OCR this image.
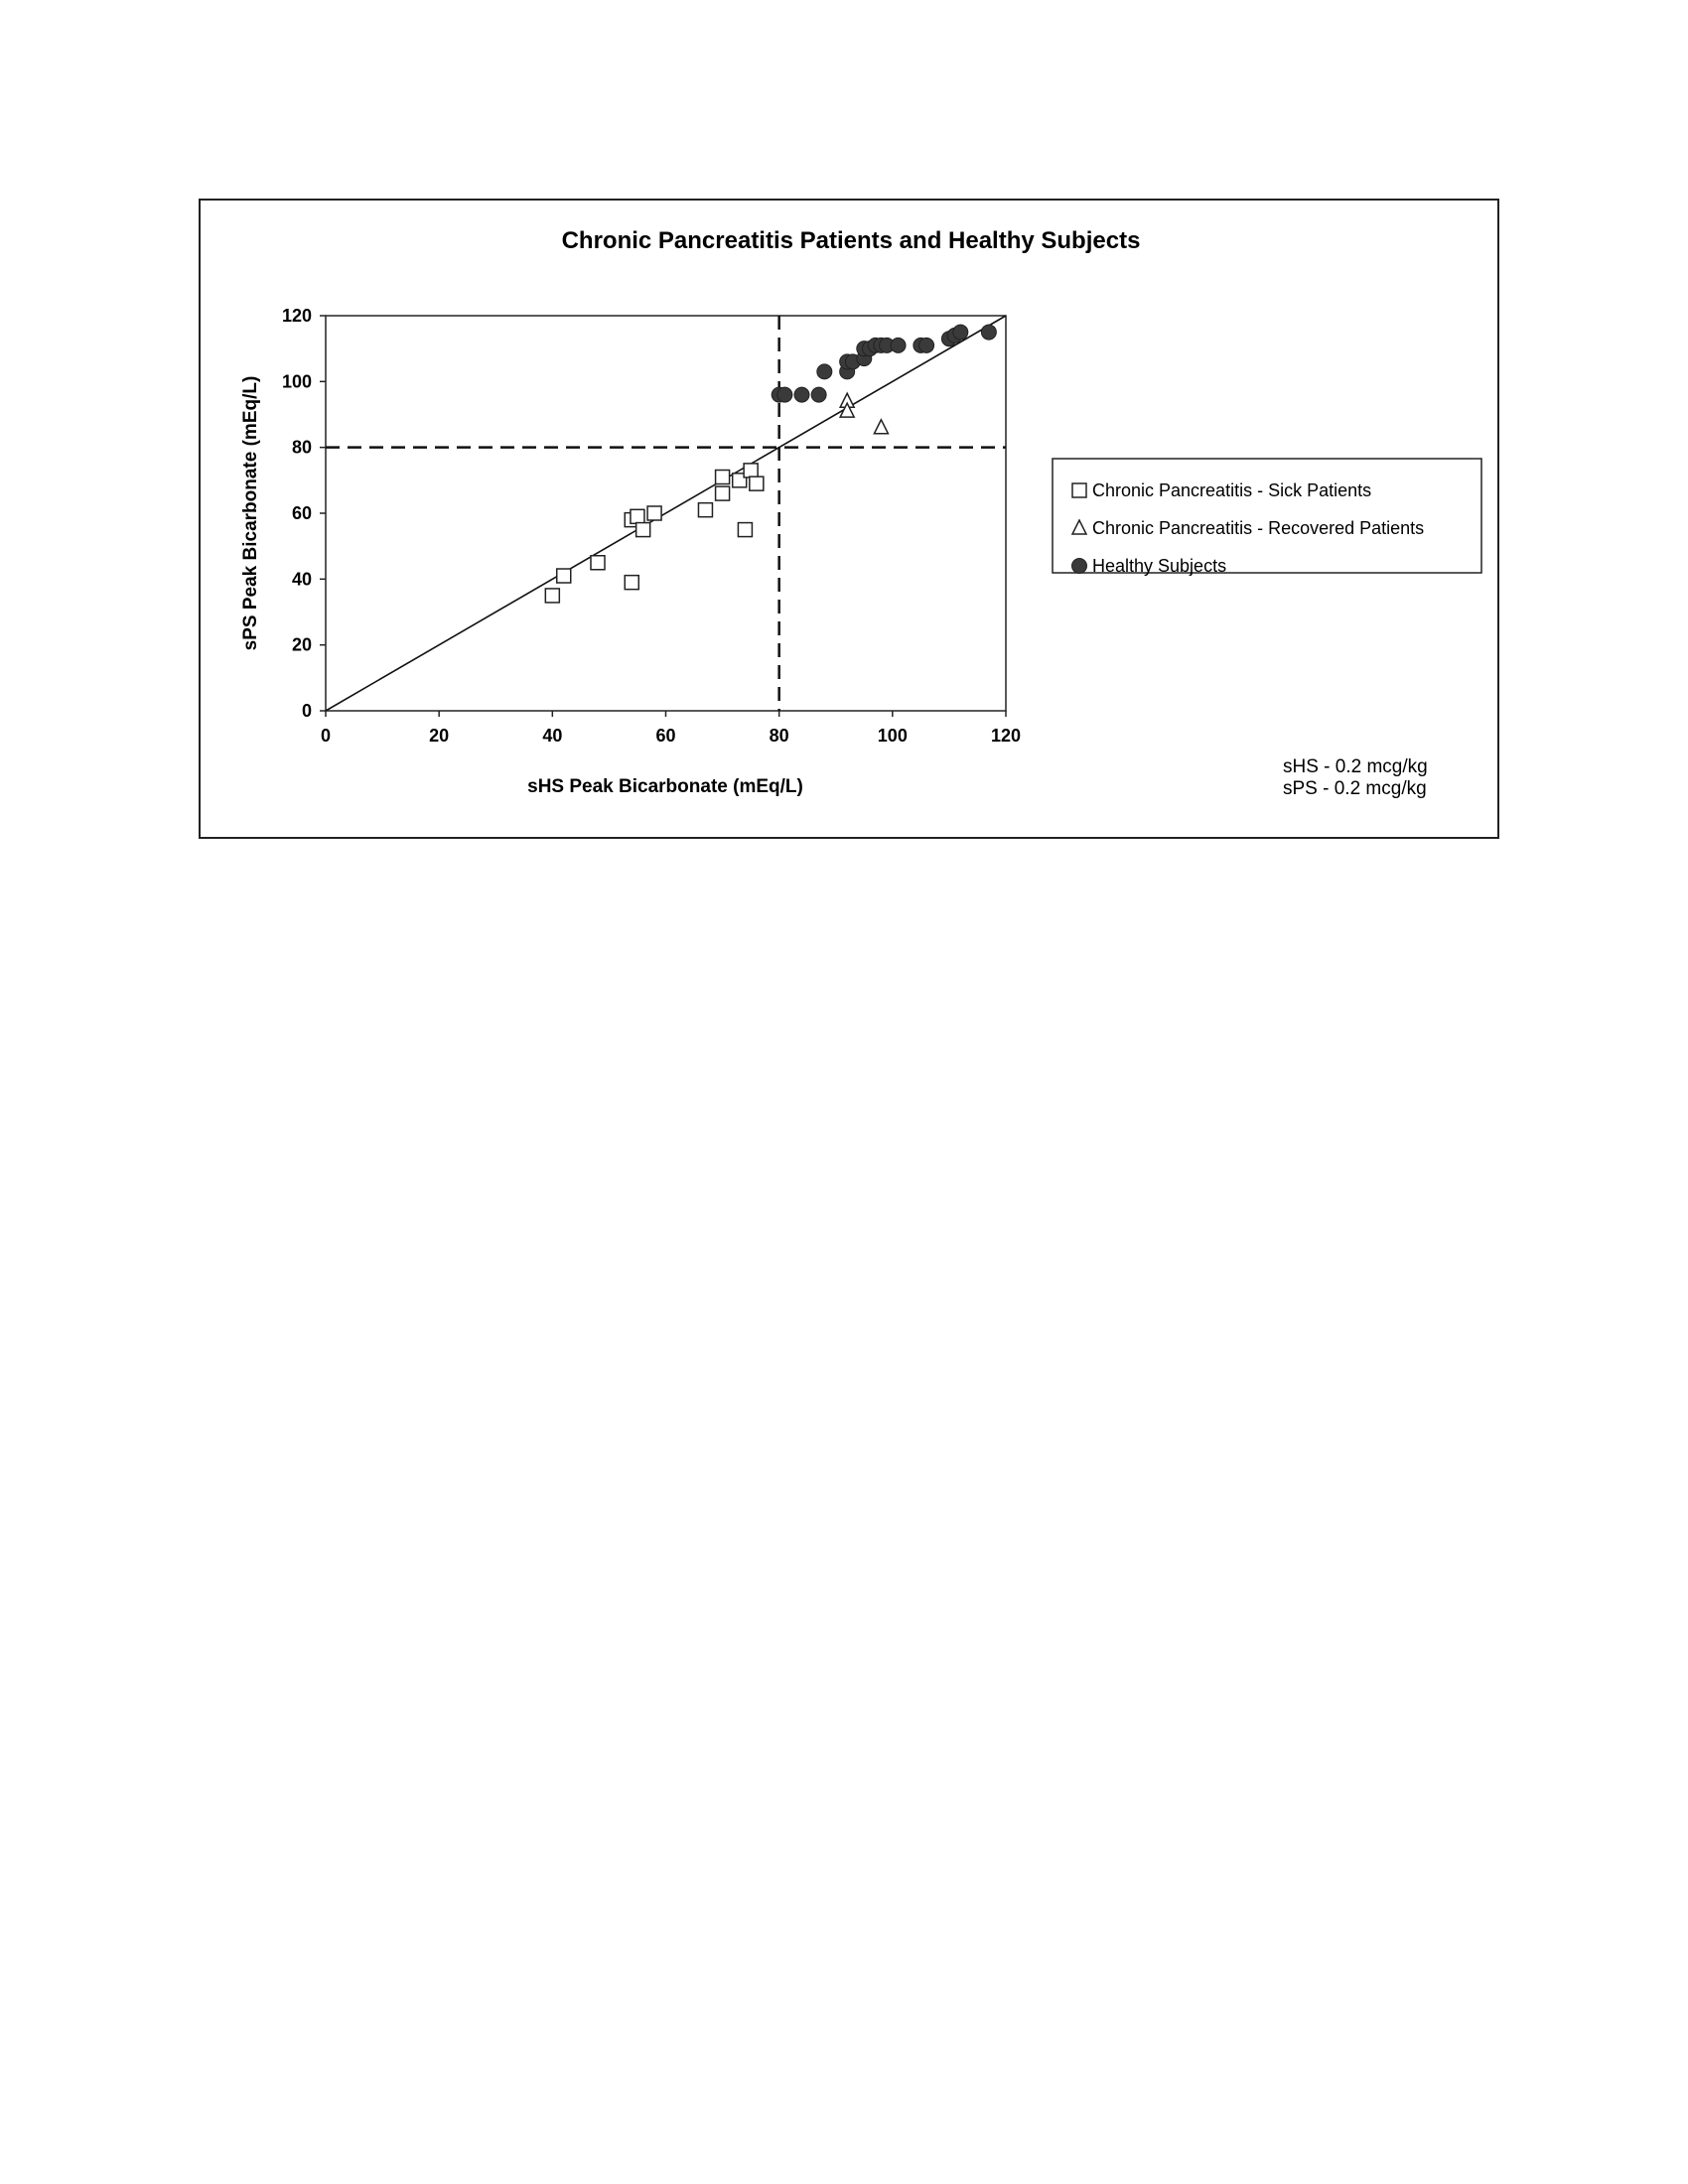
Chronic Pancreatitis Patients and Healthy Subjects
0	20	40	60	80	100	120
0
20
40
60
80
100
120
sHS Peak Bicarbonate (mEq/L)
sPS Peak Bicarbonate (mEq/L)	Chronic Pancreatitis - Sick Patients
Chronic Pancreatitis - Recovered Patients
Healthy Subjects
sHS - 0.2 mcg/kg
sPS - 0.2 mcg/kg
